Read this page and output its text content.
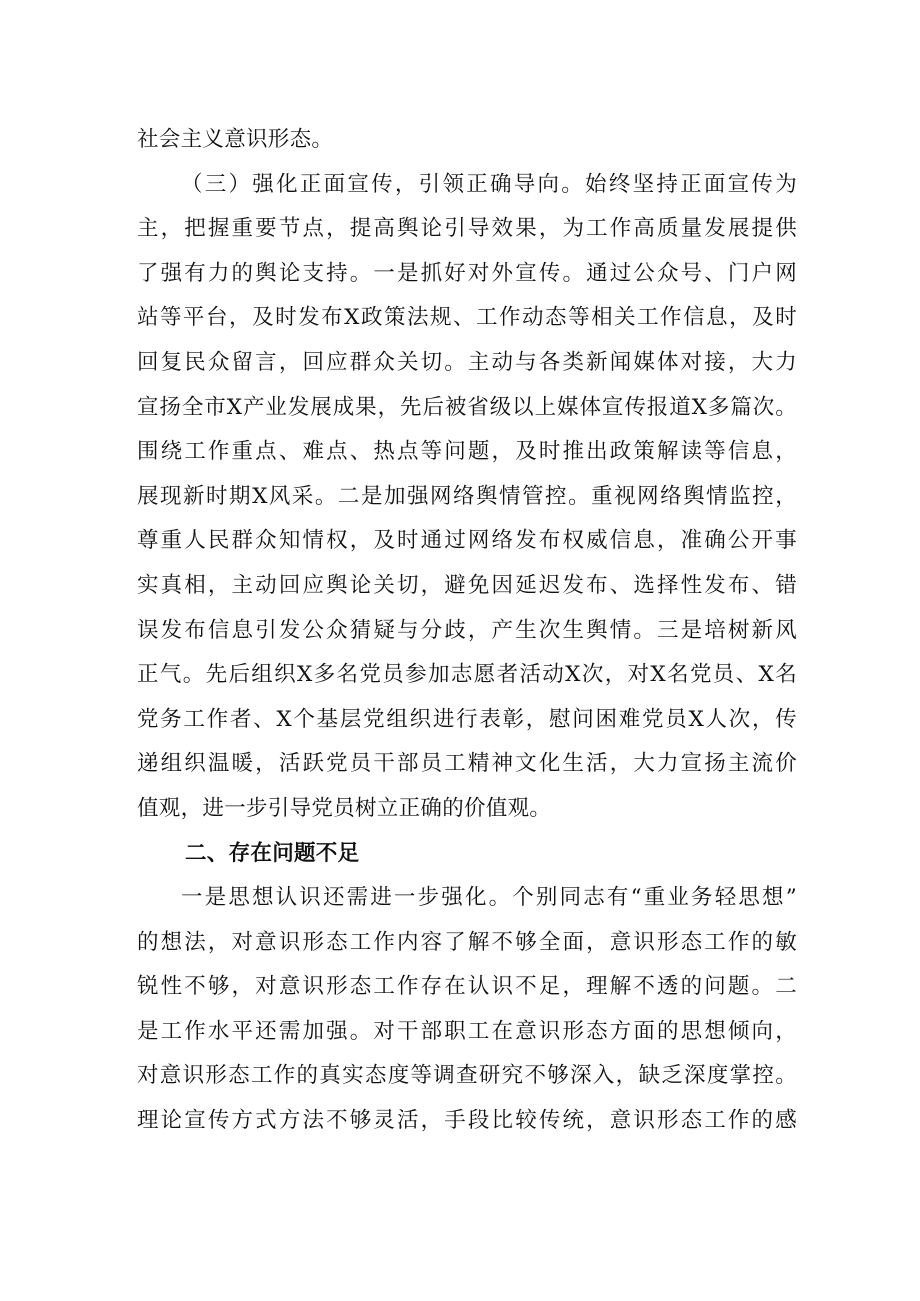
社会主义意识形态。
（三）强化正面宣传，引领正确导向。始终坚持正面宣传为
主，把握重要节点，提高舆论引导效果，为工作高质量发展提供
了强有力的舆论支持。一是抓好对外宣传。通过公众号、门户网
站等平台，及时发布X政策法规、工作动态等相关工作信息，及时
回复民众留言，回应群众关切。主动与各类新闻媒体对接，大力
宣扬全市X产业发展成果，先后被省级以上媒体宣传报道X多篇次。
围绕工作重点、难点、热点等问题，及时推出政策解读等信息，
展现新时期X风采。二是加强网络舆情管控。重视网络舆情监控，
尊重人民群众知情权，及时通过网络发布权威信息，准确公开事
实真相，主动回应舆论关切，避免因延迟发布、选择性发布、错
误发布信息引发公众猜疑与分歧，产生次生舆情。三是培树新风
正气。先后组织X多名党员参加志愿者活动X次，对X名党员、X名
党务工作者、X个基层党组织进行表彰，慰问困难党员X人次，传
递组织温暖，活跃党员干部员工精神文化生活，大力宣扬主流价
值观，进一步引导党员树立正确的价值观。
二、存在问题不足
一是思想认识还需进一步强化。个别同志有“重业务轻思想”
的想法，对意识形态工作内容了解不够全面，意识形态工作的敏
锐性不够，对意识形态工作存在认识不足，理解不透的问题。二
是工作水平还需加强。对干部职工在意识形态方面的思想倾向，
对意识形态工作的真实态度等调查研究不够深入，缺乏深度掌控。
理论宣传方式方法不够灵活，手段比较传统，意识形态工作的感
